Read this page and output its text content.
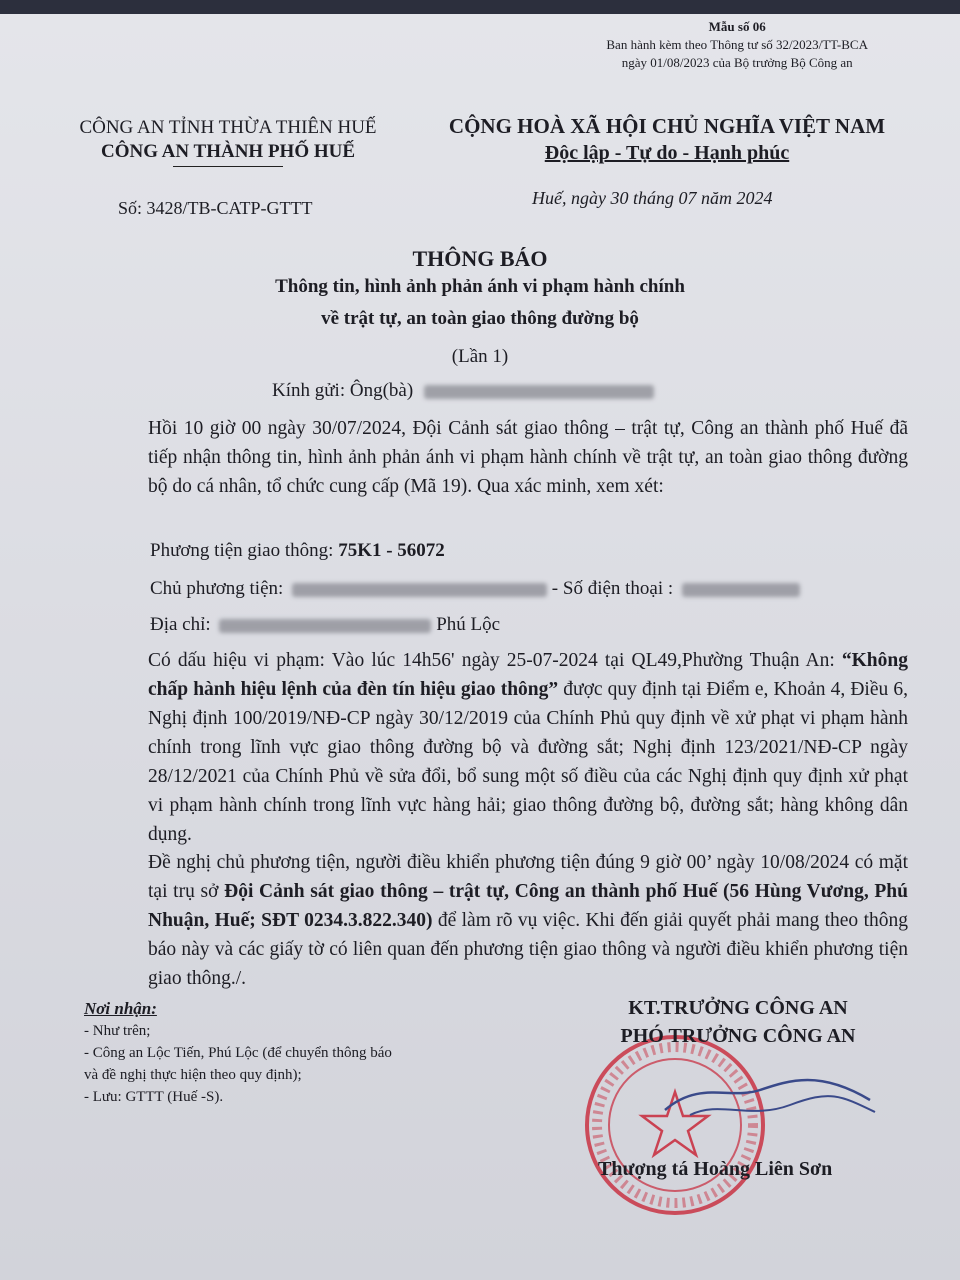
Mẫu số 06
Ban hành kèm theo Thông tư số 32/2023/TT-BCA
ngày 01/08/2023 của Bộ trưởng Bộ Công an
CÔNG AN TỈNH THỪA THIÊN HUẾ
CÔNG AN THÀNH PHỐ HUẾ
CỘNG HOÀ XÃ HỘI CHỦ NGHĨA VIỆT NAM
Độc lập - Tự do - Hạnh phúc
Số: 3428/TB-CATP-GTTT	Huế, ngày 30 tháng 07 năm 2024
THÔNG BÁO
Thông tin, hình ảnh phản ánh vi phạm hành chính
về trật tự, an toàn giao thông đường bộ
(Lần 1)
Kính gửi: Ông(bà)
Hồi 10 giờ 00 ngày 30/07/2024, Đội Cảnh sát giao thông – trật tự, Công an thành phố Huế đã tiếp nhận thông tin, hình ảnh phản ánh vi phạm hành chính về trật tự, an toàn giao thông đường bộ do cá nhân, tổ chức cung cấp (Mã 19). Qua xác minh, xem xét:
Phương tiện giao thông: 75K1 - 56072
Chủ phương tiện:	- Số điện thoại :
Địa chỉ:	Phú Lộc
Có dấu hiệu vi phạm: Vào lúc 14h56' ngày 25-07-2024 tại QL49,Phường Thuận An: “Không chấp hành hiệu lệnh của đèn tín hiệu giao thông” được quy định tại Điểm e, Khoản 4, Điều 6, Nghị định 100/2019/NĐ-CP ngày 30/12/2019 của Chính Phủ quy định về xử phạt vi phạm hành chính trong lĩnh vực giao thông đường bộ và đường sắt; Nghị định 123/2021/NĐ-CP ngày 28/12/2021 của Chính Phủ về sửa đổi, bổ sung một số điều của các Nghị định quy định xử phạt vi phạm hành chính trong lĩnh vực hàng hải; giao thông đường bộ, đường sắt; hàng không dân dụng.
Đề nghị chủ phương tiện, người điều khiển phương tiện đúng 9 giờ 00’ ngày 10/08/2024 có mặt tại trụ sở Đội Cảnh sát giao thông – trật tự, Công an thành phố Huế (56 Hùng Vương, Phú Nhuận, Huế; SĐT 0234.3.822.340) để làm rõ vụ việc. Khi đến giải quyết phải mang theo thông báo này và các giấy tờ có liên quan đến phương tiện giao thông và người điều khiển phương tiện giao thông./.
Nơi nhận:
- Như trên;
- Công an Lộc Tiến, Phú Lộc (để chuyển thông báo
và đề nghị thực hiện theo quy định);
- Lưu: GTTT (Huế -S).
KT.TRƯỞNG CÔNG AN
PHÓ TRƯỞNG CÔNG AN
Thượng tá Hoàng Liên Sơn
